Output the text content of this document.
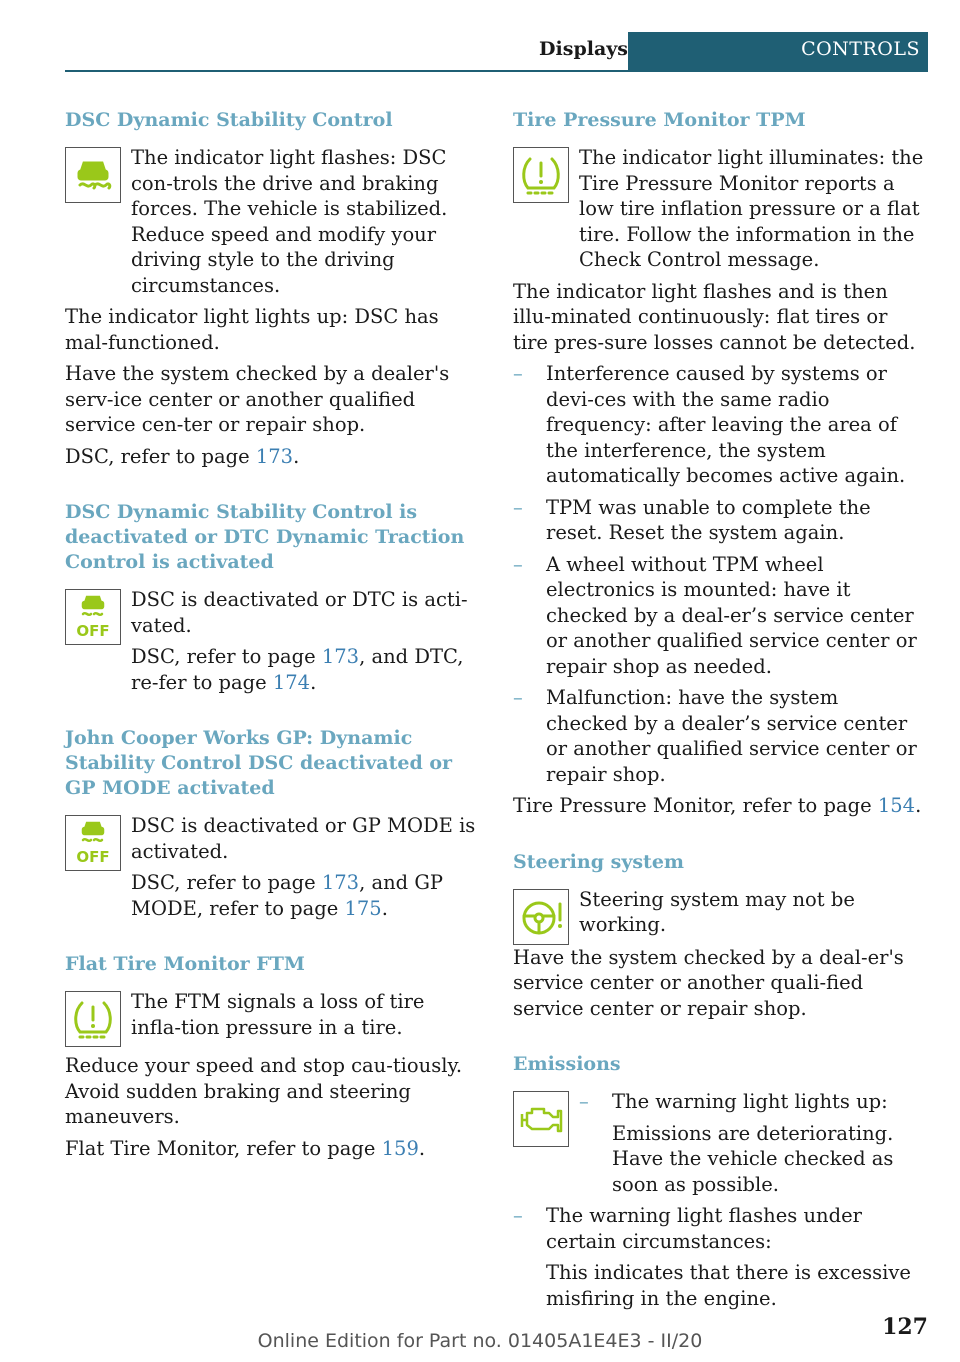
Displays	CONTROLS
DSC Dynamic Stability Control
The indicator light flashes: DSC con-trols the drive and braking forces. The vehicle is stabilized. Reduce speed and modify your driving style to the driving circumstances.

The indicator light lights up: DSC has mal-functioned.

Have the system checked by a dealer's serv-ice center or another qualified service cen-ter or repair shop.

DSC, refer to page 173.

DSC Dynamic Stability Control is deactivated or DTC Dynamic Traction Control is activated
OFF

DSC is deactivated or DTC is acti-vated.

DSC, refer to page 173, and DTC, re-fer to page 174.

John Cooper Works GP: Dynamic Stability Control DSC deactivated or GP MODE activated
OFF

DSC is deactivated or GP MODE is activated.

DSC, refer to page 173, and GP MODE, refer to page 175.

Flat Tire Monitor FTM

The FTM signals a loss of tire infla-tion pressure in a tire.

Reduce your speed and stop cau-tiously. Avoid sudden braking and steering maneuvers.

Flat Tire Monitor, refer to page 159.

Tire Pressure Monitor TPM
The indicator light illuminates: the Tire Pressure Monitor reports a low tire inflation pressure or a flat tire. Follow the information in the Check Control message.

The indicator light flashes and is then illu-minated continuously: flat tires or tire pres-sure losses cannot be detected.

– Interference caused by systems or devi-ces with the same radio frequency: after leaving the area of the interference, the system automatically becomes active again.
– TPM was unable to complete the reset. Reset the system again.
– A wheel without TPM wheel electronics is mounted: have it checked by a deal-er’s service center or another qualified service center or repair shop as needed.
– Malfunction: have the system checked by a dealer’s service center or another qualified service center or repair shop.

Tire Pressure Monitor, refer to page 154.

Steering system

Steering system may not be working.

Have the system checked by a deal-er's service center or another quali-fied service center or repair shop.

Emissions
– The warning light lights up:

Emissions are deteriorating. Have the vehicle checked as soon as possible.

– The warning light flashes under certain circumstances:

This indicates that there is excessive misfiring in the engine.

127
Online Edition for Part no. 01405A1E4E3 - II/20
